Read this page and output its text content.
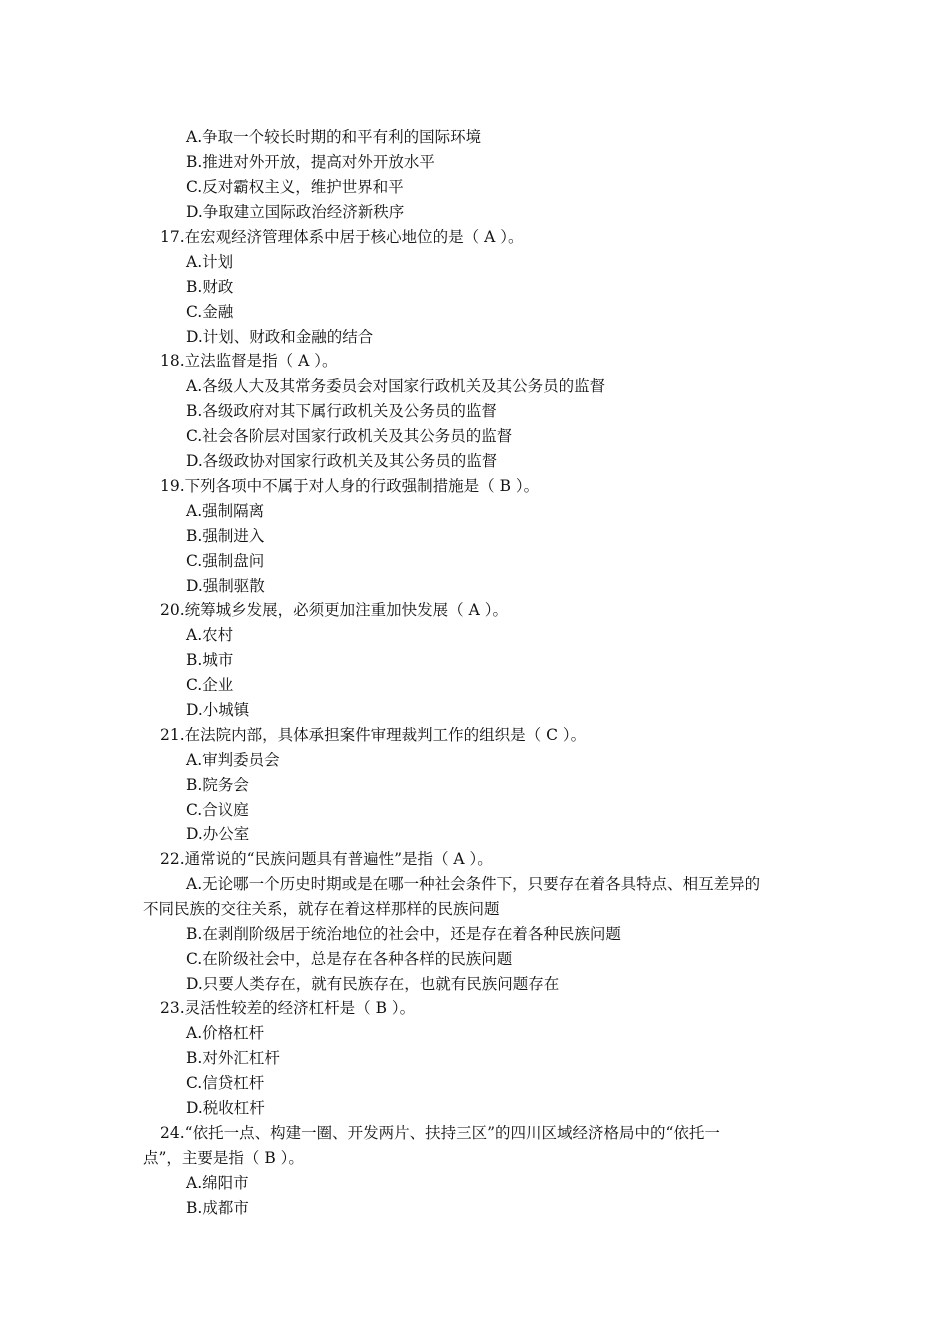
A.争取一个较长时期的和平有利的国际环境
B.推进对外开放，提高对外开放水平
C.反对霸权主义，维护世界和平
D.争取建立国际政治经济新秩序
17.在宏观经济管理体系中居于核心地位的是（ A ）。
A.计划
B.财政
C.金融
D.计划、财政和金融的结合
18.立法监督是指（ A ）。
A.各级人大及其常务委员会对国家行政机关及其公务员的监督
B.各级政府对其下属行政机关及公务员的监督
C.社会各阶层对国家行政机关及其公务员的监督
D.各级政协对国家行政机关及其公务员的监督
19.下列各项中不属于对人身的行政强制措施是（ B ）。
A.强制隔离
B.强制进入
C.强制盘问
D.强制驱散
20.统筹城乡发展，必须更加注重加快发展（ A ）。
A.农村
B.城市
C.企业
D.小城镇
21.在法院内部，具体承担案件审理裁判工作的组织是（ C ）。
A.审判委员会
B.院务会
C.合议庭
D.办公室
22.通常说的“民族问题具有普遍性”是指（ A ）。
A.无论哪一个历史时期或是在哪一种社会条件下，只要存在着各具特点、相互差异的
不同民族的交往关系，就存在着这样那样的民族问题
B.在剥削阶级居于统治地位的社会中，还是存在着各种民族问题
C.在阶级社会中，总是存在各种各样的民族问题
D.只要人类存在，就有民族存在，也就有民族问题存在
23.灵活性较差的经济杠杆是（ B ）。
A.价格杠杆
B.对外汇杠杆
C.信贷杠杆
D.税收杠杆
24.“依托一点、构建一圈、开发两片、扶持三区”的四川区域经济格局中的“依托一
点”，主要是指（ B ）。
A.绵阳市
B.成都市
